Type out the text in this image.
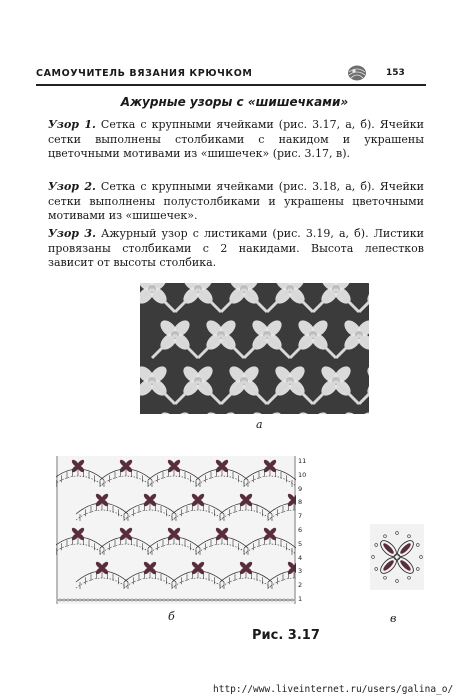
САМОУЧИТЕЛЬ ВЯЗАНИЯ КРЮЧКОМ	153
Ажурные узоры с «шишечками»
Узор 1. Сетка с крупными ячейками (рис. 3.17, а, б). Ячейки сетки выполнены столбиками с накидом и украшены цветочными мотивами из «шишечек» (рис. 3.17, в).
Узор 2. Сетка с крупными ячейками (рис. 3.18, а, б). Ячейки сетки выполнены полустолбиками и украшены цветочными мотивами из «шишечек».
Узор 3. Ажурный узор с листиками (рис. 3.19, а, б). Листики провязаны столбиками с 2 накидами. Высота лепестков зависит от высоты столбика.
а
11
10
9
8
7
6
5
4
3
2
1
б	в
Рис. 3.17
http://www.liveinternet.ru/users/galina_o/
